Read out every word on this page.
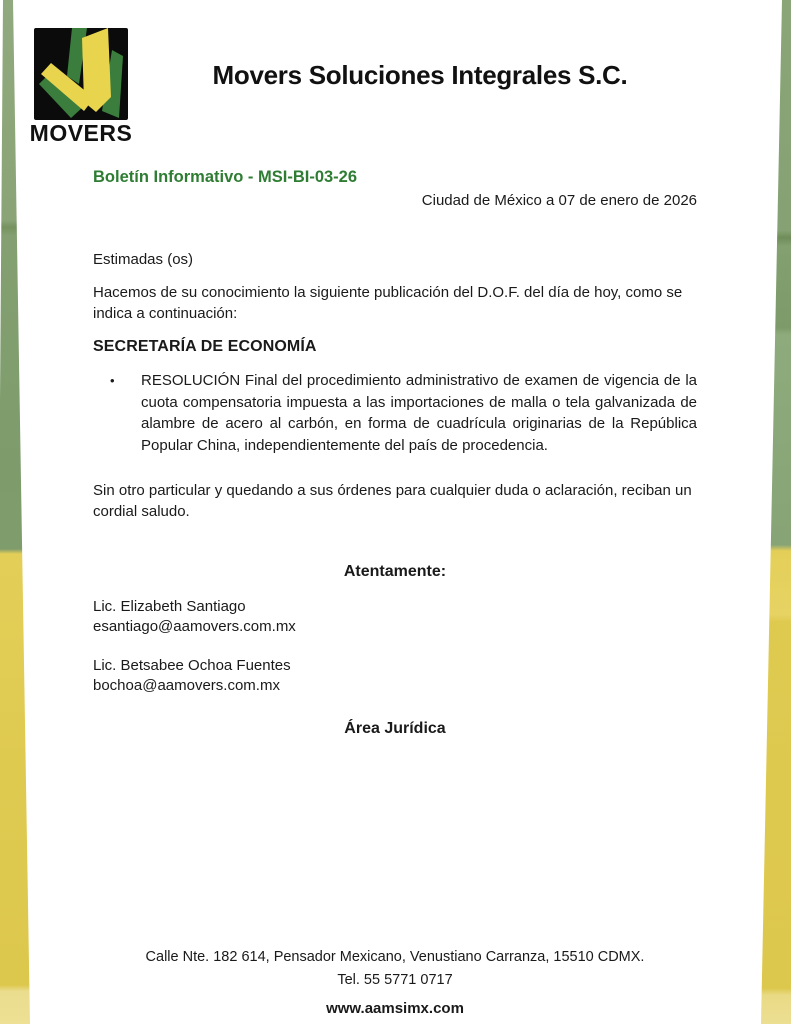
MOVERS
Movers Soluciones Integrales S.C.
Boletín Informativo - MSI-BI-03-26
Ciudad de México a 07 de enero de 2026
Estimadas (os)
Hacemos de su conocimiento la siguiente publicación del D.O.F. del día de hoy, como se indica a continuación:
SECRETARÍA DE ECONOMÍA
• RESOLUCIÓN Final del procedimiento administrativo de examen de vigencia de la cuota compensatoria impuesta a las importaciones de malla o tela galvanizada de alambre de acero al carbón, en forma de cuadrícula originarias de la República Popular China, independientemente del país de procedencia.
Sin otro particular y quedando a sus órdenes para cualquier duda o aclaración, reciban un cordial saludo.
Atentamente:
Lic. Elizabeth Santiago
esantiago@aamovers.com.mx
Lic. Betsabee Ochoa Fuentes
bochoa@aamovers.com.mx
Área Jurídica
Calle Nte. 182 614, Pensador Mexicano, Venustiano Carranza, 15510 CDMX.
Tel. 55 5771 0717
www.aamsimx.com
